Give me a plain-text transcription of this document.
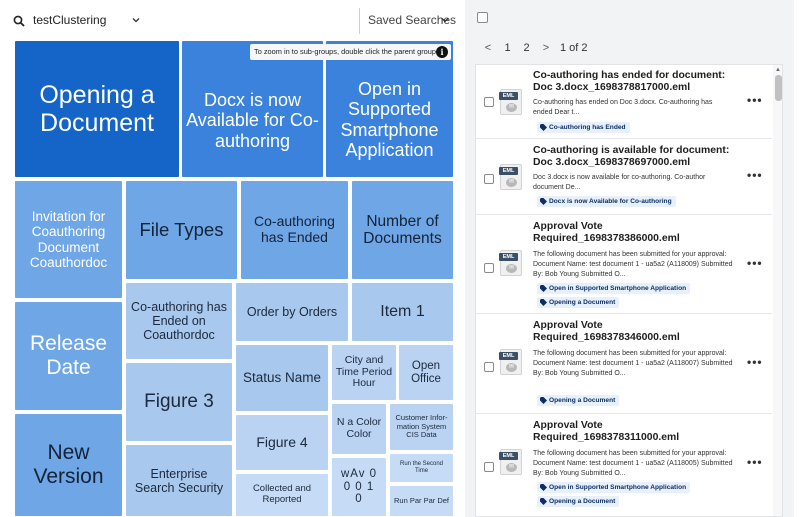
testClustering	Saved Searches
Opening a Document
Docx is now Available for Co-authoring
Open in Supported Smartphone Application
Invitation for Coauthoring Document Coauthordoc
File Types	Co-authoring has Ended
Number of Documents
Release Date
Co-authoring has Ended on Coauthordoc
Order by Orders	Item 1
Status Name
City and Time Period Hour
Open Office
Figure 3
N a Color Color
Customer Infor-mation System CIS Data
Figure 4
Run the Second Time
New Version	Enterprise Search Security	Collected and Reported
wAv 0 0 0 1 0	Run Par Par Def
To zoom in to sub-groups, double click the parent group i	<	1	2	> 1 of 2
EML
✉
Co-authoring has ended for document: Doc 3.docx_1698378817000.eml
Co-authoring has ended on Doc 3.docx. Co-authoring has ended Dear t...
Co-authoring has Ended
•••
EML
✉
Co-authoring is available for document: Doc 3.docx_1698378697000.eml
Doc 3.docx is now available for co-authoring. Co-author document De...
Docx is now Available for Co-authoring
•••
EML
✉
Approval Vote Required_1698378386000.eml
The following document has been submitted for your approval: Document Name: test document 1 - ua5a2 (A118009) Submitted By: Bob Young Submitted O...
Open in Supported Smartphone Application
Opening a Document
•••
EML
✉
Approval Vote Required_1698378346000.eml
The following document has been submitted for your approval: Document Name: test document 1 - ua5a2 (A118007) Submitted By: Bob Young Submitted O...
Opening a Document
•••
EML
✉
Approval Vote Required_1698378311000.eml
The following document has been submitted for your approval: Document Name: test document 1 - ua5a2 (A118005) Submitted By: Bob Young Submitted O...
Open in Supported Smartphone Application
Opening a Document
•••
▲
